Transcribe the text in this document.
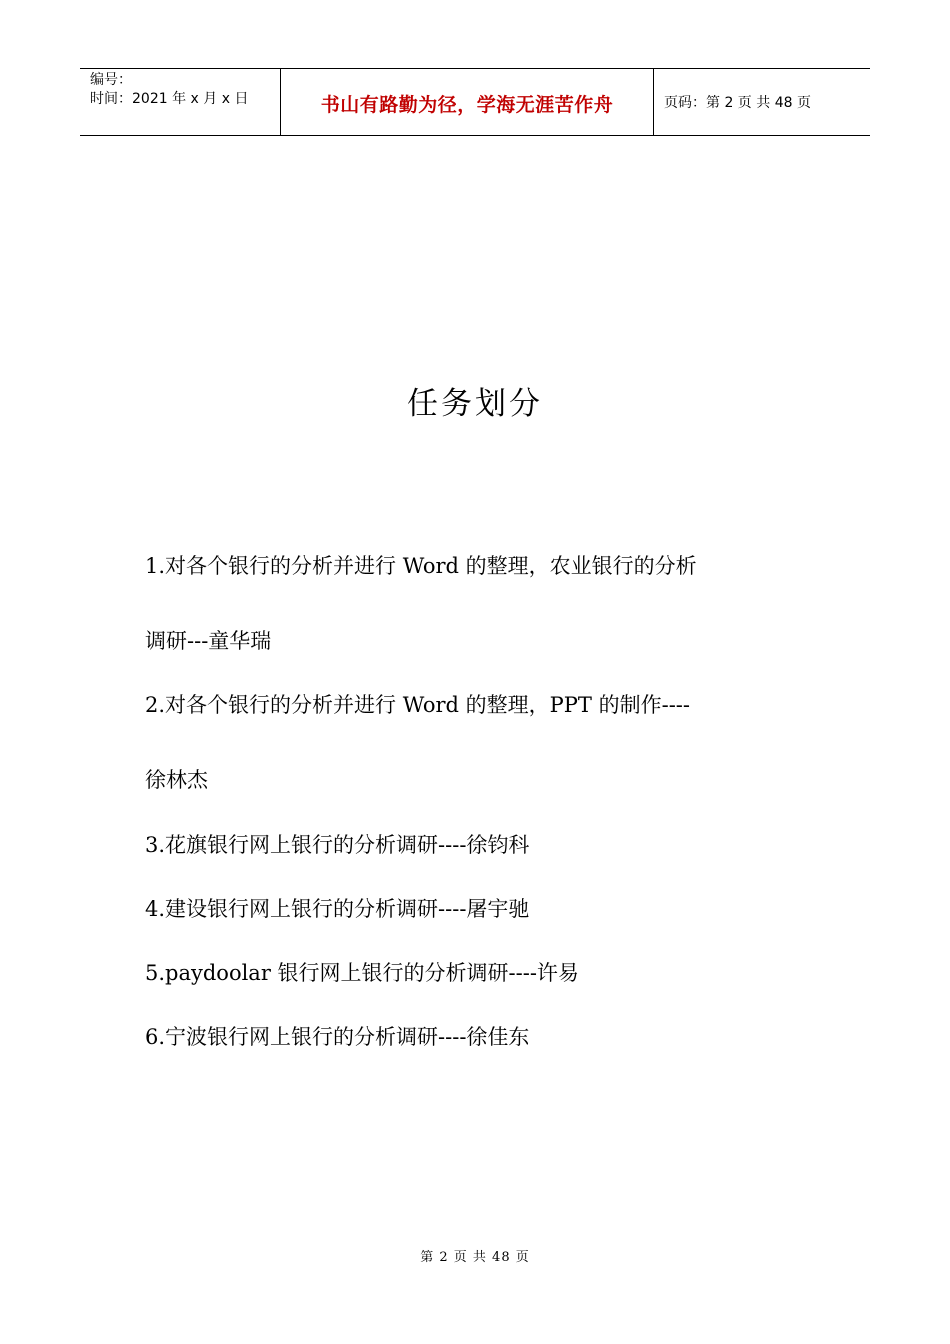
编号：
时间：2021 年 x 月 x 日	书山有路勤为径，学海无涯苦作舟	页码：第 2 页 共 48 页
任务划分
1.对各个银行的分析并进行 Word 的整理，农业银行的分析
调研---童华瑞
2.对各个银行的分析并进行 Word 的整理，PPT 的制作----
徐林杰
3.花旗银行网上银行的分析调研----徐钧科
4.建设银行网上银行的分析调研----屠宇驰
5.paydoolar 银行网上银行的分析调研----许易
6.宁波银行网上银行的分析调研----徐佳东
第 2 页 共 48 页
